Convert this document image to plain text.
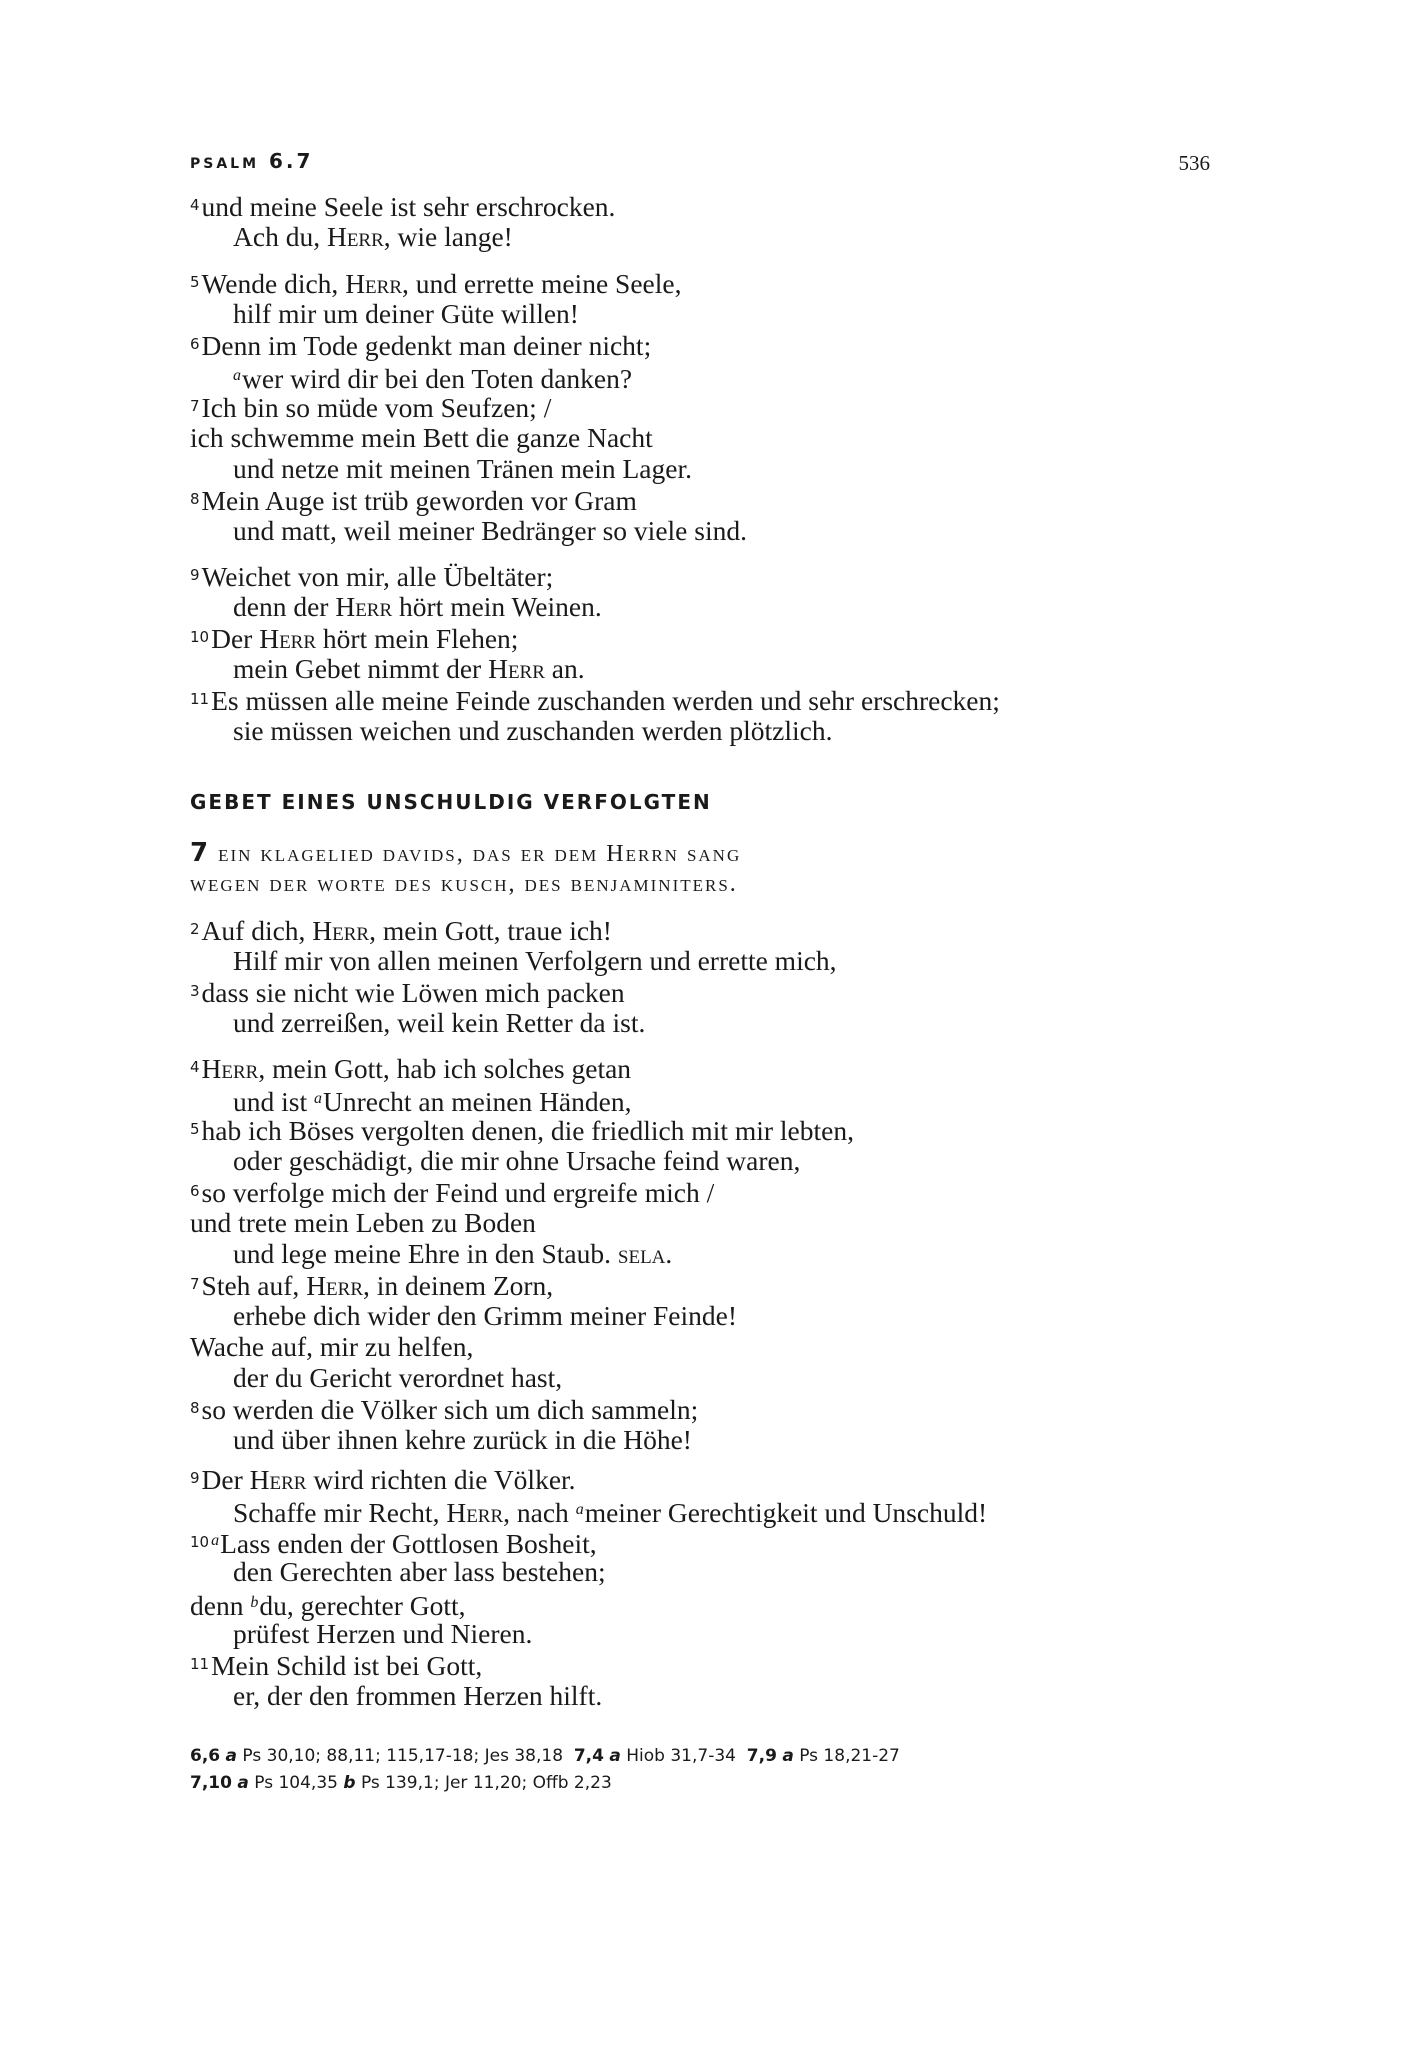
psalm 6.7	536
$^4$und meine Seele ist sehr erschrocken.
Ach du, Herr, wie lange!
$^5$Wende dich, Herr, und errette meine Seele,
hilf mir um deiner Güte willen!
$^6$Denn im Tode gedenkt man deiner nicht;
$^a$wer wird dir bei den Toten danken?
$^7$Ich bin so müde vom Seufzen; /
ich schwemme mein Bett die ganze Nacht
und netze mit meinen Tränen mein Lager.
$^8$Mein Auge ist trüb geworden vor Gram
und matt, weil meiner Bedränger so viele sind.
$^9$Weichet von mir, alle Übeltäter;
denn der Herr hört mein Weinen.
$^{10}$Der Herr hört mein Flehen;
mein Gebet nimmt der Herr an.
$^{11}$Es müssen alle meine Feinde zuschanden werden und sehr erschrecken;
sie müssen weichen und zuschanden werden plötzlich.
GEBET EINES UNSCHULDIG VERFOLGTEN
7 ein klagelied davids, das er dem Herrn sang
wegen der worte des kusch, des benjaminiters.
$^2$Auf dich, Herr, mein Gott, traue ich!
Hilf mir von allen meinen Verfolgern und errette mich,
$^3$dass sie nicht wie Löwen mich packen
und zerreißen, weil kein Retter da ist.
$^4$Herr, mein Gott, hab ich solches getan
und ist $^a$Unrecht an meinen Händen,
$^5$hab ich Böses vergolten denen, die friedlich mit mir lebten,
oder geschädigt, die mir ohne Ursache feind waren,
$^6$so verfolge mich der Feind und ergreife mich /
und trete mein Leben zu Boden
und lege meine Ehre in den Staub. sela.
$^7$Steh auf, Herr, in deinem Zorn,
erhebe dich wider den Grimm meiner Feinde!
Wache auf, mir zu helfen,
der du Gericht verordnet hast,
$^8$so werden die Völker sich um dich sammeln;
und über ihnen kehre zurück in die Höhe!
$^9$Der Herr wird richten die Völker.
Schaffe mir Recht, Herr, nach $^a$meiner Gerechtigkeit und Unschuld!
$^{10}$ $^a$Lass enden der Gottlosen Bosheit,
den Gerechten aber lass bestehen;
denn $^b$du, gerechter Gott,
prüfest Herzen und Nieren.
$^{11}$Mein Schild ist bei Gott,
er, der den frommen Herzen hilft.
6,6 a Ps 30,10; 88,11; 115,17-18; Jes 38,18 7,4 a Hiob 31,7-34 7,9 a Ps 18,21-27
7,10 a Ps 104,35 b Ps 139,1; Jer 11,20; Offb 2,23
